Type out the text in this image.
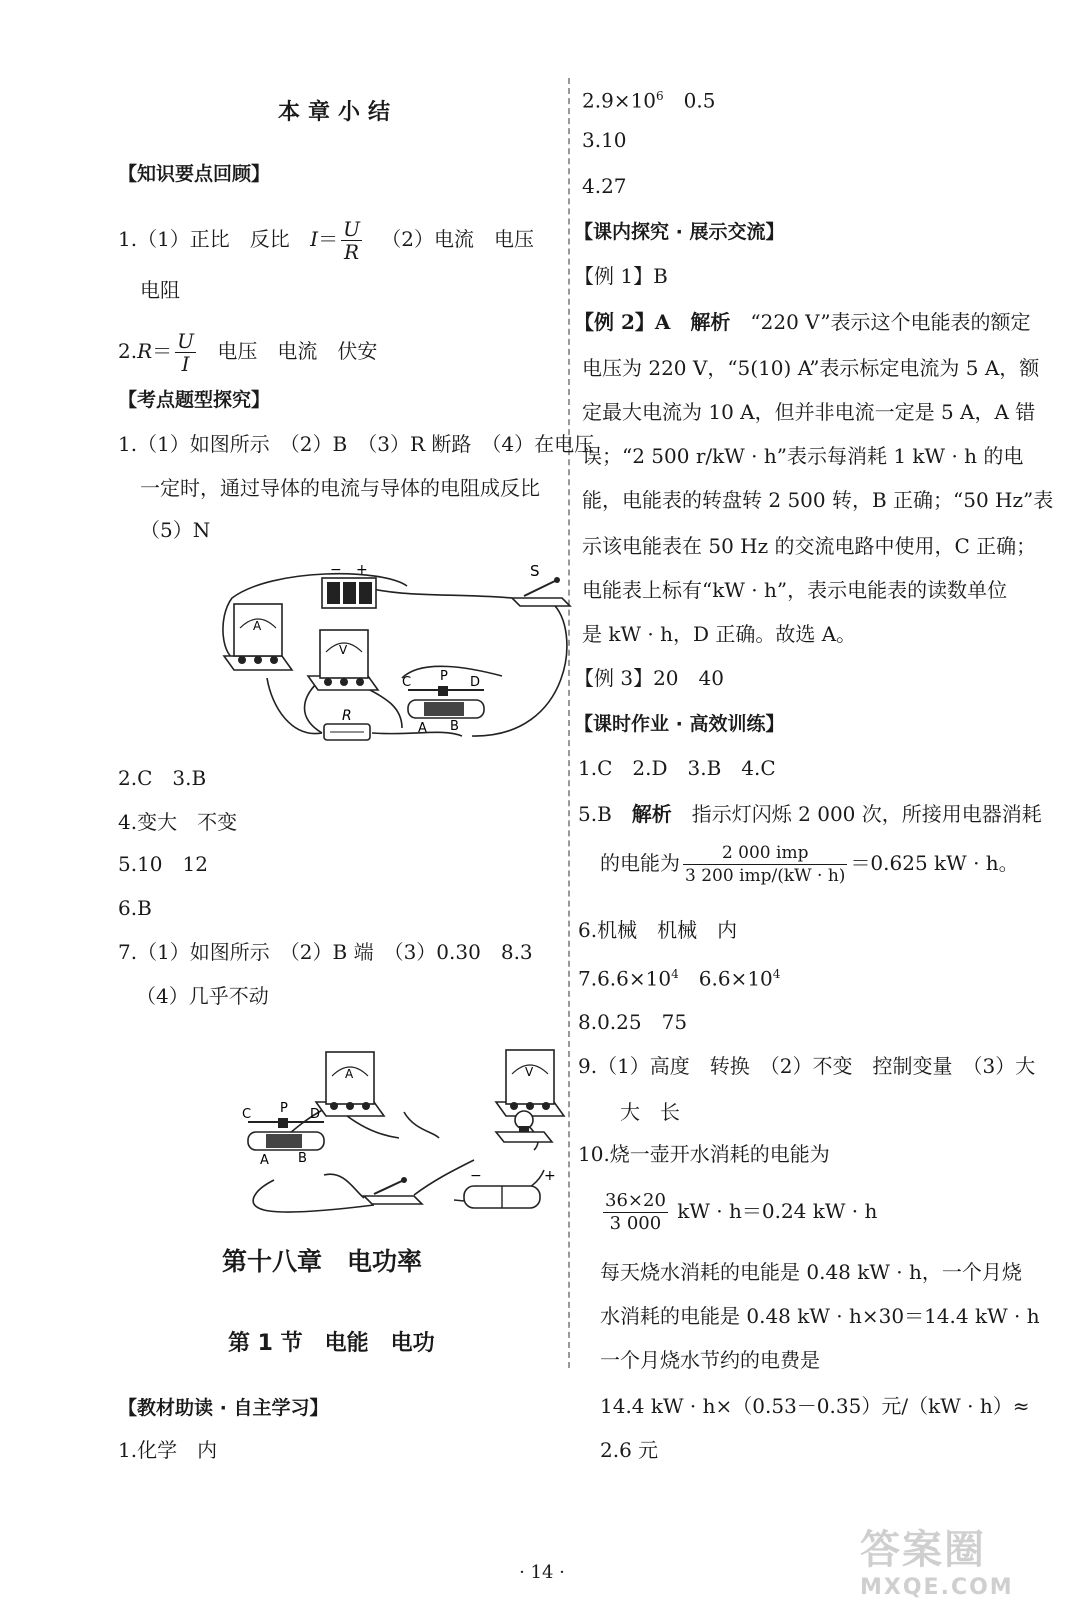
本章小结
【知识要点回顾】
1.（1）正比　反比 $I= \frac{U}{R} (2)$电流　电压
电阻
$2.R= \frac{U}{I}$ 电压　电流　伏安
【考点题型探究】
1.（1）如图所示　（2）B　（3）R 断路　（4）在电压
一定时，通过导体的电流与导体的电阻成反比
（5）N
− +	S
A
V
R
C P D
A B
2.C　3.B
4.变大　不变
5.10　12
6.B
7.（1）如图所示　（2）B 端　（3）0.30　8.3
（4）几乎不动
A	V
C P D
A B
−	+
第十八章　电功率
第 1 节　电能　电功
【教材助读 · 自主学习】
1.化学　内
$2.9\times 10^6$　0.5
3.10
4.27
【课内探究 · 展示交流】
【例 1】B
【例 2】A　解析　“220 V”表示这个电能表的额定
电压为 220 V，“5(10) A”表示标定电流为 5 A，额
定最大电流为 10 A，但并非电流一定是 5 A，A 错
误；“2 500 r/kW · h”表示每消耗 1 kW · h 的电
能，电能表的转盘转 2 500 转，B 正确；“50 Hz”表
示该电能表在 50 Hz 的交流电路中使用，C 正确；
电能表上标有“kW · h”，表示电能表的读数单位
是 kW · h，D 正确。故选 A。
【例 3】20　40
【课时作业 · 高效训练】
1.C　2.D　3.B　4.C
5.B　解析　指示灯闪烁 2 000 次，所接用电器消耗
的电能为 $\frac{\text{2 000 imp}}{\text{3 200 imp/(kW · h)}} =0.625$ kW · h。
6.机械　机械　内
$7.6.6\times 10^4$　$6.6\times 10^4$
8.0.25　75
9.（1）高度　转换　（2）不变　控制变量　（3）大
大　长
10.烧一壶开水消耗的电能为
$\frac{36\times 20}{3 000}$ kW · h＝0.24 kW · h
每天烧水消耗的电能是 0.48 kW · h，一个月烧
水消耗的电能是 0.48 kW · h×30＝14.4 kW · h
一个月烧水节约的电费是
14.4 kW · h×（0.53－0.35）元/（kW · h）≈
2.6 元
· 14 ·	答案圈
MXQE.COM
